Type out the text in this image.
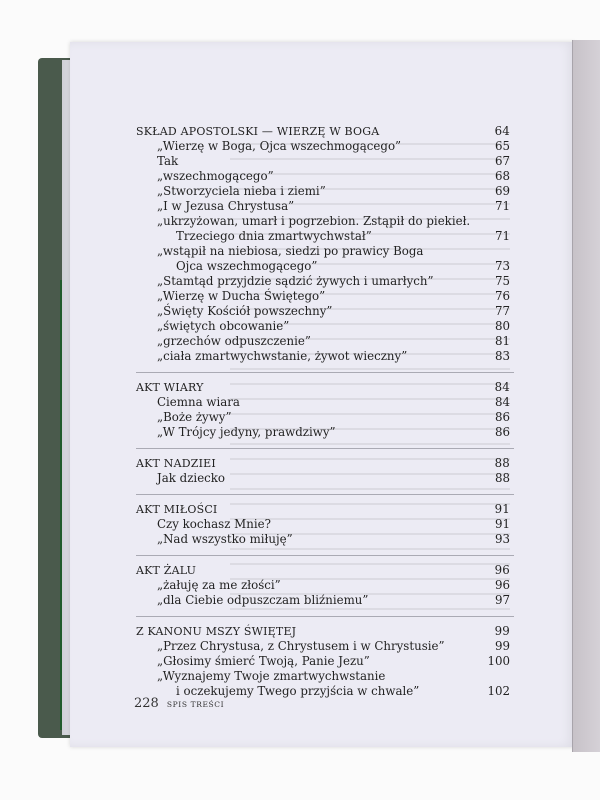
SKŁAD APOSTOLSKI — WIERZĘ W BOGA	64
„Wierzę w Boga, Ojca wszechmogącego”	65
Tak	67
„wszechmogącego”	68
„Stworzyciela nieba i ziemi”	69
„I w Jezusa Chrystusa”	71
„ukrzyżowan, umarł i pogrzebion. Zstąpił do piekieł.
Trzeciego dnia zmartwychwstał”	71
„wstąpił na niebiosa, siedzi po prawicy Boga
Ojca wszechmogącego”	73
„Stamtąd przyjdzie sądzić żywych i umarłych”	75
„Wierzę w Ducha Świętego”	76
„Święty Kościół powszechny”	77
„świętych obcowanie”	80
„grzechów odpuszczenie”	81
„ciała zmartwychwstanie, żywot wieczny”	83
AKT WIARY	84
Ciemna wiara	84
„Boże żywy”	86
„W Trójcy jedyny, prawdziwy”	86
AKT NADZIEI	88
Jak dziecko	88
AKT MIŁOŚCI	91
Czy kochasz Mnie?	91
„Nad wszystko miłuję”	93
AKT ŻALU	96
„żałuję za me złości”	96
„dla Ciebie odpuszczam bliźniemu”	97
Z KANONU MSZY ŚWIĘTEJ	99
„Przez Chrystusa, z Chrystusem i w Chrystusie”	99
„Głosimy śmierć Twoją, Panie Jezu”	100
„Wyznajemy Twoje zmartwychwstanie
i oczekujemy Twego przyjścia w chwale”	102
228 SPIS TREŚCI
